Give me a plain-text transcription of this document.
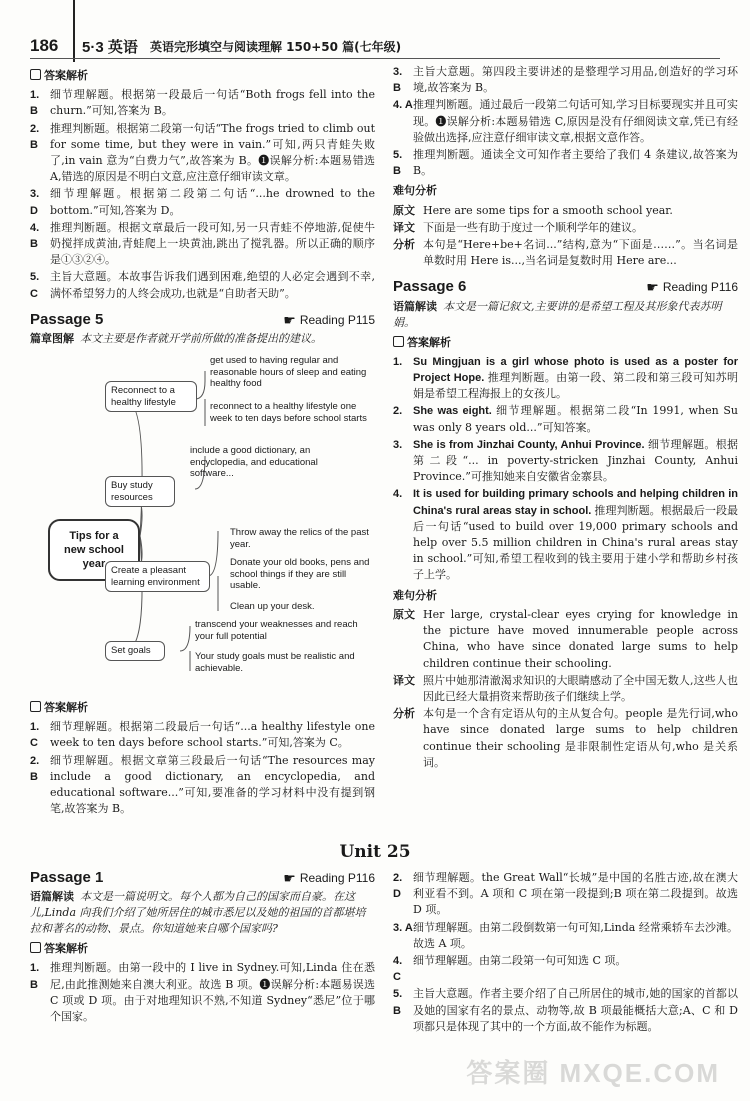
186 5·3 英语 英语完形填空与阅读理解 150+50 篇(七年级)
答案解析
1. B
细节理解题。根据第一段最后一句话“Both frogs fell into the churn.”可知,答案为 B。
2. B
推理判断题。根据第二段第一句话“The frogs tried to climb out for some time, but they were in vain.”可知,两只青蛙失败了,in vain 意为“白费力气”,故答案为 B。❶误解分析:本题易错选 A,错选的原因是不明白文意,应注意仔细审读文章。
3. D
细节理解题。根据第二段第二句话“...he drowned to the bottom.”可知,答案为 D。
4. B
推理判断题。根据文章最后一段可知,另一只青蛙不停地游,促使牛奶搅拌成黄油,青蛙爬上一块黄油,跳出了搅乳器。所以正确的顺序是①③②④。
5. C
主旨大意题。本故事告诉我们遇到困难,绝望的人必定会遇到不幸,满怀希望努力的人终会成功,也就是“自助者天助”。
Passage 5	☛ Reading P115
篇章图解 本文主要是作者就开学前所做的准备提出的建议。
Tips for a new school year
Reconnect to a healthy lifestyle
get used to having regular and reasonable hours of sleep and eating healthy food
reconnect to a healthy lifestyle one week to ten days before school starts
Buy study resources
include a good dictionary, an encyclopedia, and educational software...
Create a pleasant learning environment
Throw away the relics of the past year.
Donate your old books, pens and school things if they are still usable.
Clean up your desk.
Set goals
transcend your weaknesses and reach your full potential
Your study goals must be realistic and achievable.
答案解析
1. C
细节理解题。根据第二段最后一句话“...a healthy lifestyle one week to ten days before school starts.”可知,答案为 C。
2. B
细节理解题。根据文章第三段最后一句话“The resources may include a good dictionary, an encyclopedia, and educational software...”可知,要准备的学习材料中没有提到钢笔,故答案为 B。
3. B
主旨大意题。第四段主要讲述的是整理学习用品,创造好的学习环境,故答案为 B。
4. A 推理判断题。通过最后一段第二句话可知,学习目标要现实并且可实现。❶误解分析:本题易错选 C,原因是没有仔细阅读文章,凭已有经验做出选择,应注意仔细审读文章,根据文意作答。
5. B
推理判断题。通读全文可知作者主要给了我们 4 条建议,故答案为 B。
难句分析
原文 Here are some tips for a smooth school year.
译文 下面是一些有助于度过一个顺利学年的建议。
分析 本句是“Here+be+名词...”结构,意为“下面是……”。当名词是单数时用 Here is...,当名词是复数时用 Here are...
Passage 6	☛ Reading P116
语篇解读 本文是一篇记叙文,主要讲的是希望工程及其形象代表苏明娟。
答案解析
1. Su Mingjuan is a girl whose photo is used as a poster for Project Hope. 推理判断题。由第一段、第二段和第三段可知苏明娟是希望工程海报上的女孩儿。
2. She was eight. 细节理解题。根据第二段“In 1991, when Su was only 8 years old...”可知答案。
3. She is from Jinzhai County, Anhui Province. 细节理解题。根据第二段“... in poverty-stricken Jinzhai County, Anhui Province.”可推知她来自安徽省金寨县。
4. It is used for building primary schools and helping children in China's rural areas stay in school. 推理判断题。根据最后一段最后一句话“used to build over 19,000 primary schools and help over 5.5 million children in China's rural areas stay in school.”可知,希望工程收到的钱主要用于建小学和帮助乡村孩子上学。
难句分析
原文 Her large, crystal-clear eyes crying for knowledge in the picture have moved innumerable people across China, who have since donated large sums to help children continue their schooling.
译文 照片中她那清澈渴求知识的大眼睛感动了全中国无数人,这些人也因此已经大量捐资来帮助孩子们继续上学。
分析 本句是一个含有定语从句的主从复合句。people 是先行词,who have since donated large sums to help children continue their schooling 是非限制性定语从句,who 是关系词。
Unit 25
Passage 1	☛ Reading P116
语篇解读 本文是一篇说明文。每个人都为自己的国家而自豪。在这儿,Linda 向我们介绍了她所居住的城市悉尼以及她的祖国的首都堪培拉和著名的动物、景点。你知道她来自哪个国家吗?
答案解析
1. B
推理判断题。由第一段中的 I live in Sydney.可知,Linda 住在悉尼,由此推测她来自澳大利亚。故选 B 项。❶误解分析:本题易误选 C 项或 D 项。由于对地理知识不熟,不知道 Sydney“悉尼”位于哪个国家。
2. D
细节理解题。the Great Wall“长城”是中国的名胜古迹,故在澳大利亚看不到。A 项和 C 项在第一段提到;B 项在第二段提到。故选 D 项。
3. A 细节理解题。由第二段倒数第一句可知,Linda 经常乘轿车去沙滩。故选 A 项。
4. C
细节理解题。由第二段第一句可知选 C 项。
5. B
主旨大意题。作者主要介绍了自己所居住的城市,她的国家的首都以及她的国家有名的景点、动物等,故 B 项最能概括大意;A、C 和 D 项都只是体现了其中的一个方面,故不能作为标题。
答案圈 MXQE.COM
